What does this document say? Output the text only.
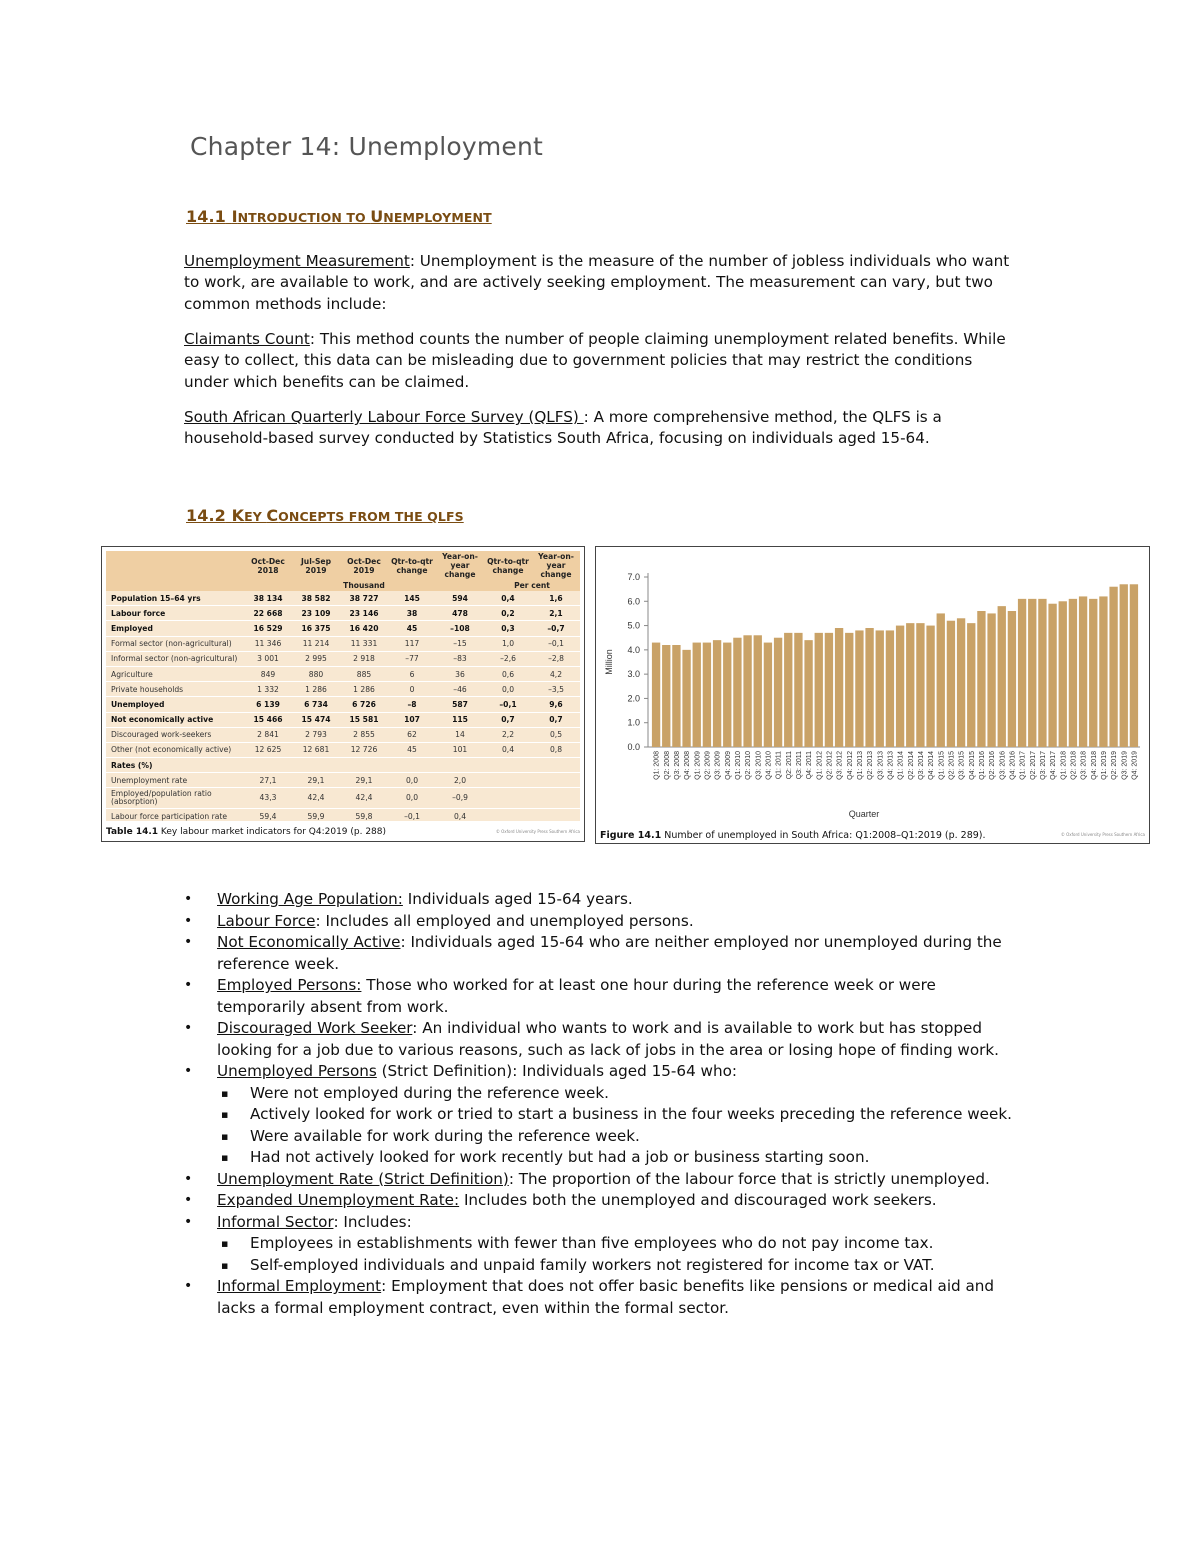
Chapter 14: Unemployment
14.1 INTRODUCTION TO UNEMPLOYMENT

Unemployment Measurement: Unemployment is the measure of the number of jobless individuals who want to work, are available to work, and are actively seeking employment. The measurement can vary, but two common methods include:

Claimants Count: This method counts the number of people claiming unemployment related benefits. While easy to collect, this data can be misleading due to government policies that may restrict the conditions under which benefits can be claimed.

South African Quarterly Labour Force Survey (QLFS) : A more comprehensive method, the QLFS is a household-based survey conducted by Statistics South Africa, focusing on individuals aged 15-64.

14.2 KEY CONCEPTS FROM THE QLFS
	Oct-Dec 2018	Jul-Sep 2019	Oct-Dec 2019	Qtr-to-qtr change	Year-on-year change	Qtr-to-qtr change	Year-on-year change
	Thousand					Per cent	
Population 15–64 yrs	38 134	38 582	38 727	145	594	0,4	1,6
Labour force	22 668	23 109	23 146	38	478	0,2	2,1
Employed	16 529	16 375	16 420	45	–108	0,3	–0,7
Formal sector (non-agricultural)	11 346	11 214	11 331	117	–15	1,0	–0,1
Informal sector (non-agricultural)	3 001	2 995	2 918	–77	–83	–2,6	–2,8
Agriculture	849	880	885	6	36	0,6	4,2
Private households	1 332	1 286	1 286	0	–46	0,0	–3,5
Unemployed	6 139	6 734	6 726	–8	587	–0,1	9,6
Not economically active	15 466	15 474	15 581	107	115	0,7	0,7
Discouraged work-seekers	2 841	2 793	2 855	62	14	2,2	0,5
Other (not economically active)	12 625	12 681	12 726	45	101	0,4	0,8
Rates (%)							
Unemployment rate	27,1	29,1	29,1	0,0	2,0		
Employed/population ratio (absorption)	43,3	42,4	42,4	0,0	–0,9		
Labour force participation rate	59,4	59,9	59,8	–0,1	0,4		
Table 14.1 Key labour market indicators for Q4:2019 (p. 288)	© Oxford University Press Southern Africa
0.0
1.0
2.0
3.0
4.0
5.0
6.0
7.0
Million
Q1: 2008 Q2: 2008 Q3: 2008 Q4: 2008 Q1: 2009 Q2: 2009 Q3: 2009 Q4: 2009 Q1: 2010 Q2: 2010 Q3: 2010 Q4: 2010 Q1: 2011 Q2: 2011 Q3: 2011 Q4: 2011 Q1: 2012 Q2: 2012 Q3: 2012 Q4: 2012 Q1: 2013 Q2: 2013 Q3: 2013 Q4: 2013 Q1: 2014 Q2: 2014 Q3: 2014 Q4: 2014 Q1: 2015 Q2: 2015 Q3: 2015 Q4: 2015 Q1: 2016 Q2: 2016 Q3: 2016 Q4: 2016 Q1: 2017 Q2: 2017 Q3: 2017 Q4: 2017 Q1: 2018 Q2: 2018 Q3: 2018 Q4: 2018 Q1: 2019 Q2: 2019 Q3: 2019 Q4: 2019
Quarter
Figure 14.1 Number of unemployed in South Africa: Q1:2008–Q1:2019 (p. 289).	© Oxford University Press Southern Africa
• Working Age Population: Individuals aged 15-64 years.
• Labour Force: Includes all employed and unemployed persons.
• Not Economically Active: Individuals aged 15-64 who are neither employed nor unemployed during the reference week.
• Employed Persons: Those who worked for at least one hour during the reference week or were temporarily absent from work.
• Discouraged Work Seeker: An individual who wants to work and is available to work but has stopped looking for a job due to various reasons, such as lack of jobs in the area or losing hope of finding work.
• Unemployed Persons (Strict Definition): Individuals aged 15-64 who:
▪ Were not employed during the reference week.
▪ Actively looked for work or tried to start a business in the four weeks preceding the reference week.
▪ Were available for work during the reference week.
▪ Had not actively looked for work recently but had a job or business starting soon.
• Unemployment Rate (Strict Definition): The proportion of the labour force that is strictly unemployed.
• Expanded Unemployment Rate: Includes both the unemployed and discouraged work seekers.
• Informal Sector: Includes:
▪ Employees in establishments with fewer than five employees who do not pay income tax.
▪ Self-employed individuals and unpaid family workers not registered for income tax or VAT.
• Informal Employment: Employment that does not offer basic benefits like pensions or medical aid and lacks a formal employment contract, even within the formal sector.
